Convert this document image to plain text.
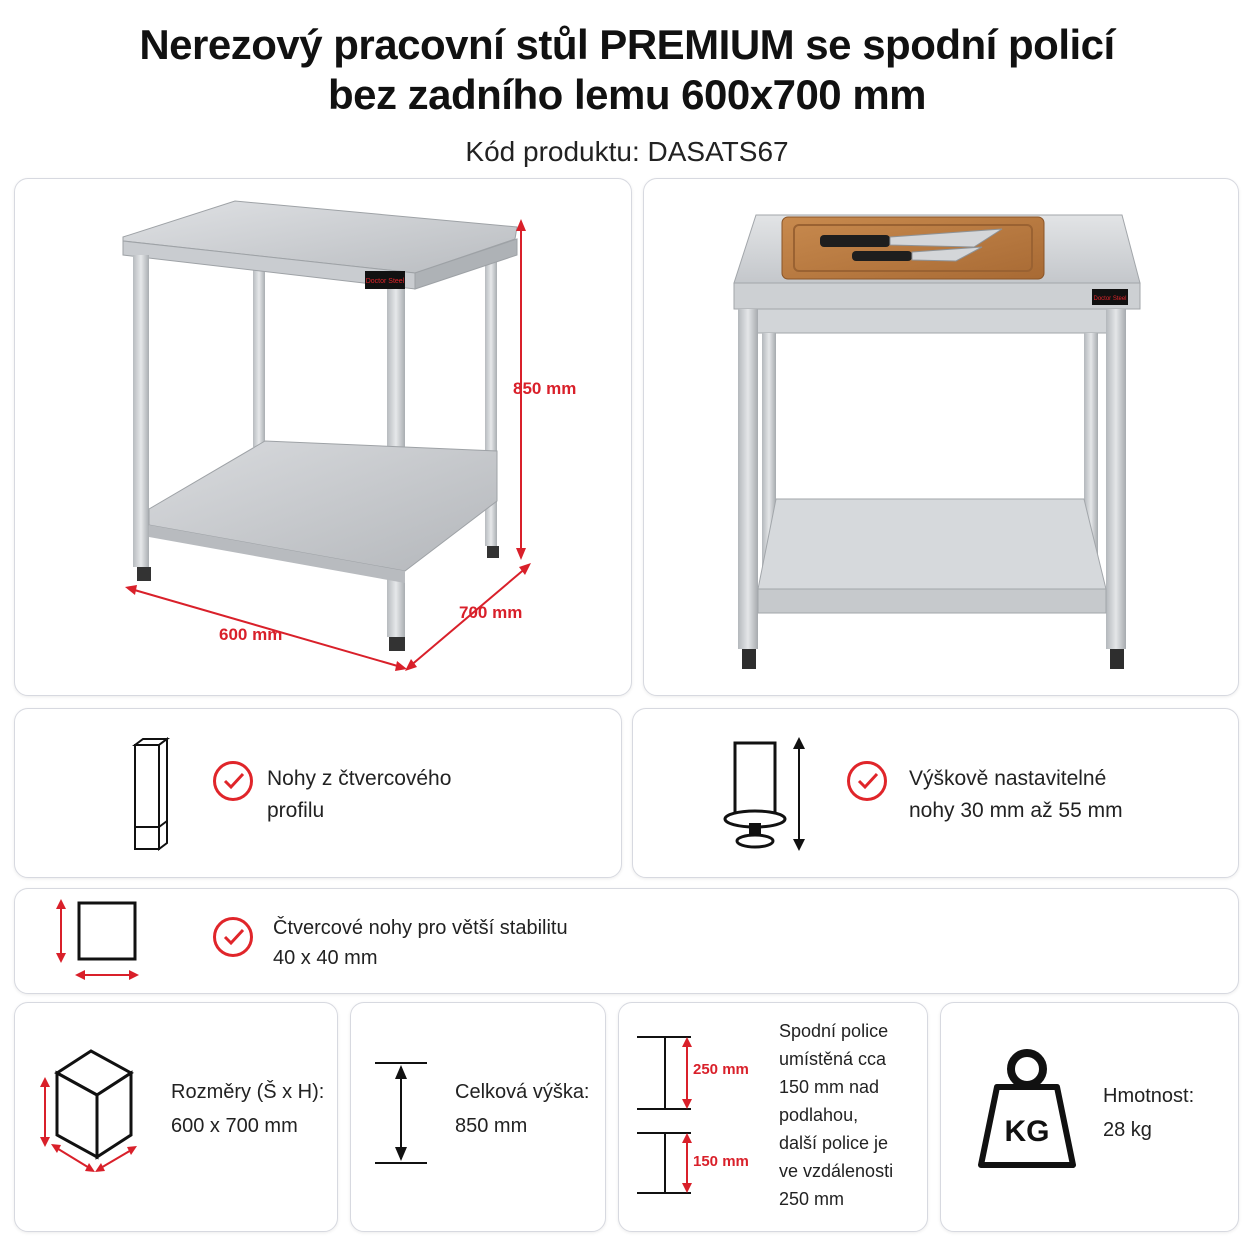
Nerezový pracovní stůl PREMIUM se spodní policí
bez zadního lemu 600x700 mm
Kód produktu: DASATS67
Doctor Steel
850 mm
700 mm
600 mm
Doctor Steel
Nohy z čtvercového
profilu
Výškově nastavitelné
nohy 30 mm až 55 mm
Čtvercové nohy pro větší stabilitu
40 x 40 mm
Rozměry (Š x H):
600 x 700 mm
Celková výška:
850 mm
250 mm
150 mm
Spodní police
umístěná cca
150 mm nad
podlahou,
další police je
ve vzdálenosti
250 mm
KG
Hmotnost:
28 kg
